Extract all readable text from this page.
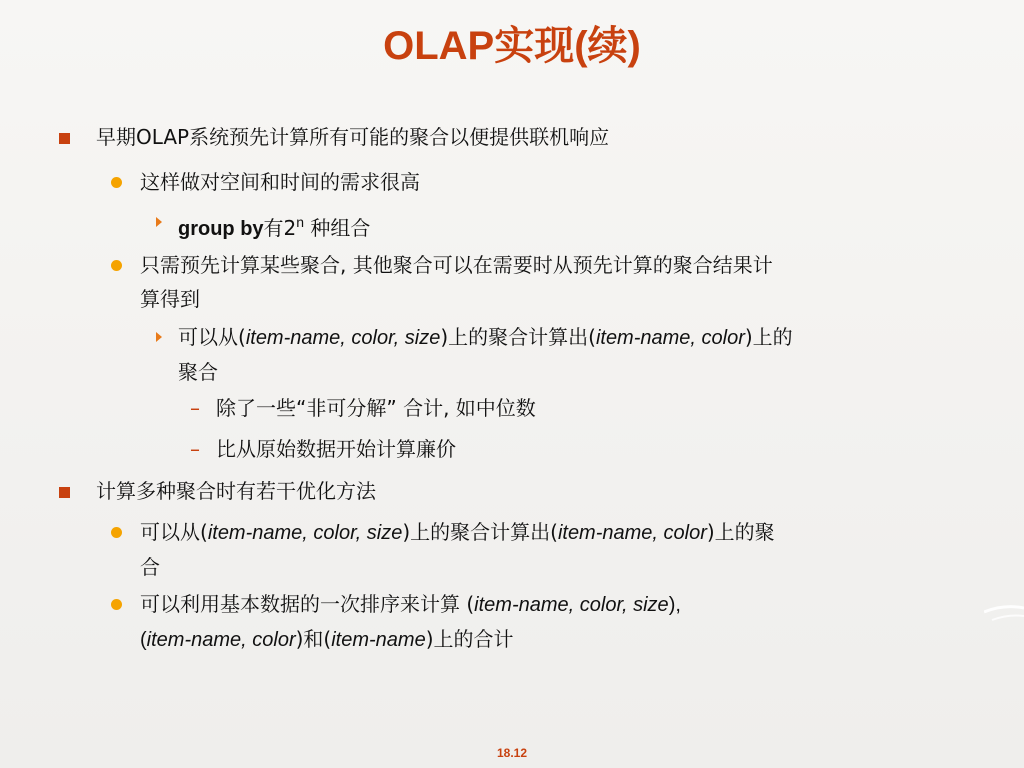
OLAP实现(续)
早期OLAP系统预先计算所有可能的聚合以便提供联机响应
这样做对空间和时间的需求很高
group by有2$^n$ 种组合
只需预先计算某些聚合, 其他聚合可以在需要时从预先计算的聚合结果计
算得到
可以从(item-name, color, size)上的聚合计算出(item-name, color)上的
聚合
– 除了一些“非可分解” 合计, 如中位数
– 比从原始数据开始计算廉价
计算多种聚合时有若干优化方法
可以从(item-name, color, size)上的聚合计算出(item-name, color)上的聚
合
可以利用基本数据的一次排序来计算 (item-name, color, size),
(item-name, color)和(item-name)上的合计
18.12
